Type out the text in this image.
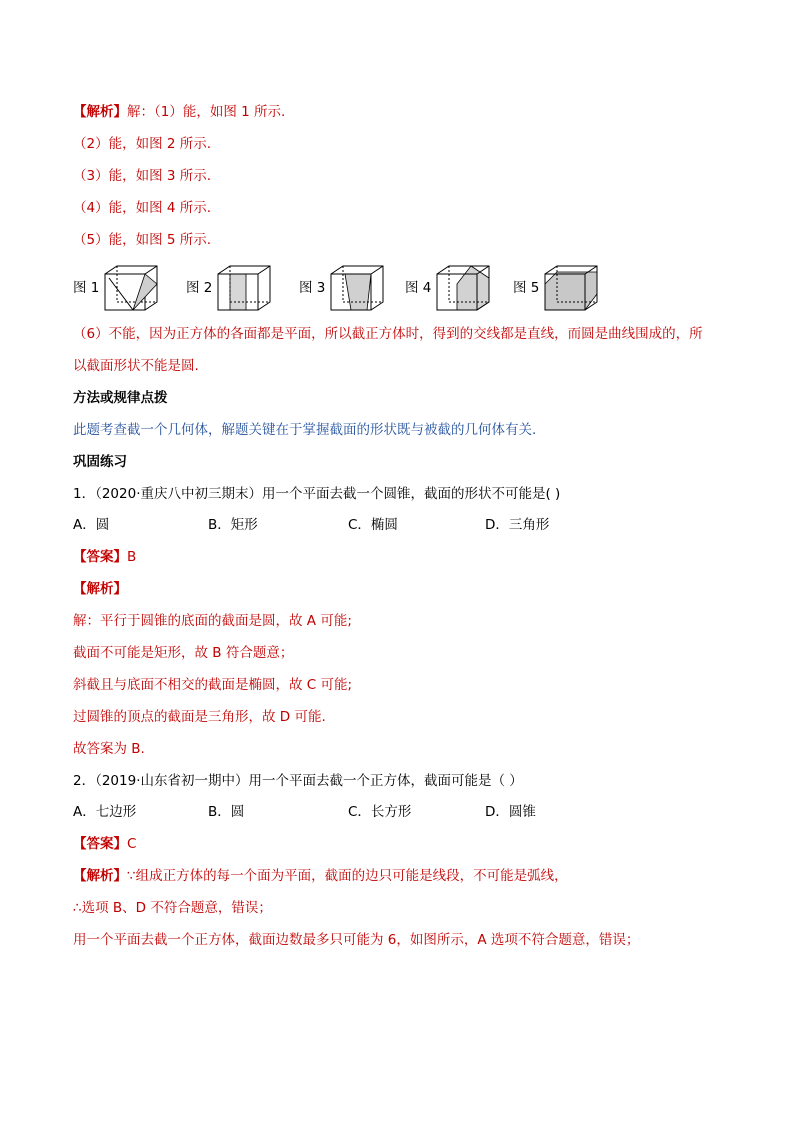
【解析】解：（1）能，如图 1 所示.
（2）能，如图 2 所示.
（3）能，如图 3 所示.
（4）能，如图 4 所示.
（5）能，如图 5 所示.
图 1	图 2	图 3	图 4	图 5
（6）不能，因为正方体的各面都是平面，所以截正方体时，得到的交线都是直线，而圆是曲线围成的，所
以截面形状不能是圆.
方法或规律点拨
此题考查截一个几何体，解题关键在于掌握截面的形状既与被截的几何体有关.
巩固练习
1．（2020·重庆八中初三期末）用一个平面去截一个圆锥，截面的形状不可能是( )
A．圆	B．矩形	C．椭圆	D．三角形
【答案】B
【解析】
解：平行于圆锥的底面的截面是圆，故 A 可能;
截面不可能是矩形，故 B 符合题意；
斜截且与底面不相交的截面是椭圆，故 C 可能;
过圆锥的顶点的截面是三角形，故 D 可能.
故答案为 B.
2．（2019·山东省初一期中）用一个平面去截一个正方体，截面可能是（ ）
A．七边形	B．圆	C．长方形	D．圆锥
【答案】C
【解析】∵组成正方体的每一个面为平面，截面的边只可能是线段，不可能是弧线，
∴选项 B、D 不符合题意，错误；
用一个平面去截一个正方体，截面边数最多只可能为 6，如图所示，A 选项不符合题意，错误；
